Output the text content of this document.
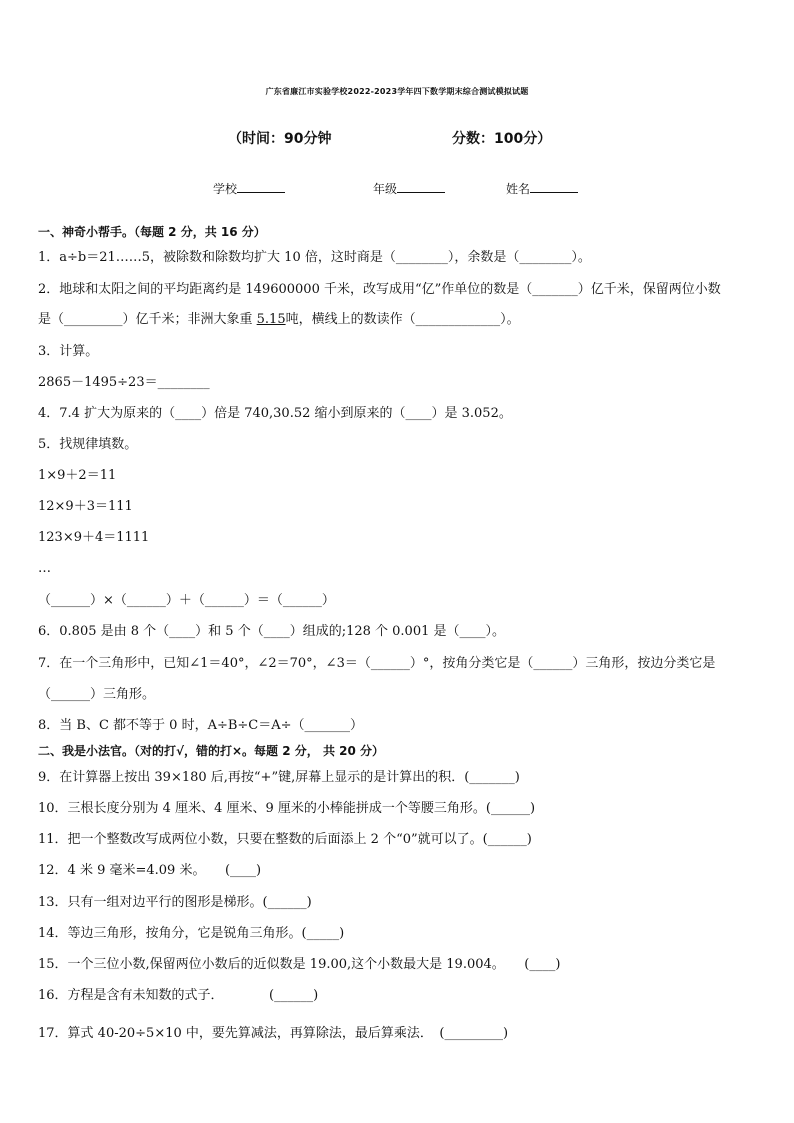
广东省廉江市实验学校2022-2023学年四下数学期末综合测试模拟试题
（时间：90分钟	分数：100分）
学校	年级	姓名
一、神奇小帮手。（每题 2 分，共 16 分）
1．a÷b＝21……5，被除数和除数均扩大 10 倍，这时商是（________），余数是（________）。
2．地球和太阳之间的平均距离约是 149600000 千米，改写成用“亿”作单位的数是（_______）亿千米，保留两位小数
是（_________）亿千米；非洲大象重 5.15吨，横线上的数读作（_____________）。
3．计算。
2865－1495÷23＝________
4．7.4 扩大为原来的（____）倍是 740,30.52 缩小到原来的（____）是 3.052。
5．找规律填数。
1×9＋2＝11
12×9＋3＝111
123×9＋4＝1111
…
（______）×（______）＋（______）＝（______）
6．0.805 是由 8 个（____）和 5 个（____）组成的;128 个 0.001 是（____）。
7．在一个三角形中，已知∠1＝40°，∠2＝70°，∠3＝（______）°，按角分类它是（______）三角形，按边分类它是
（______）三角形。
8．当 B、C 都不等于 0 时，A÷B÷C＝A÷（_______）
二、我是小法官。（对的打√，错的打×。每题 2 分， 共 20 分）
9．在计算器上按出 39×180 后,再按“+”键,屏幕上显示的是计算出的积．(_______)
10．三根长度分别为 4 厘米、4 厘米、9 厘米的小棒能拼成一个等腰三角形。(______)
11．把一个整数改写成两位小数，只要在整数的后面添上 2 个“0”就可以了。(______)
12．4 米 9 毫米=4.09 米。　　(____)
13．只有一组对边平行的图形是梯形。(______)
14．等边三角形，按角分，它是锐角三角形。(_____)
15．一个三位小数,保留两位小数后的近似数是 19.00,这个小数最大是 19.004。　　(____)
16．方程是含有未知数的式子．　　　　(______)
17．算式 40-20÷5×10 中，要先算减法，再算除法，最后算乘法．　(_________)
